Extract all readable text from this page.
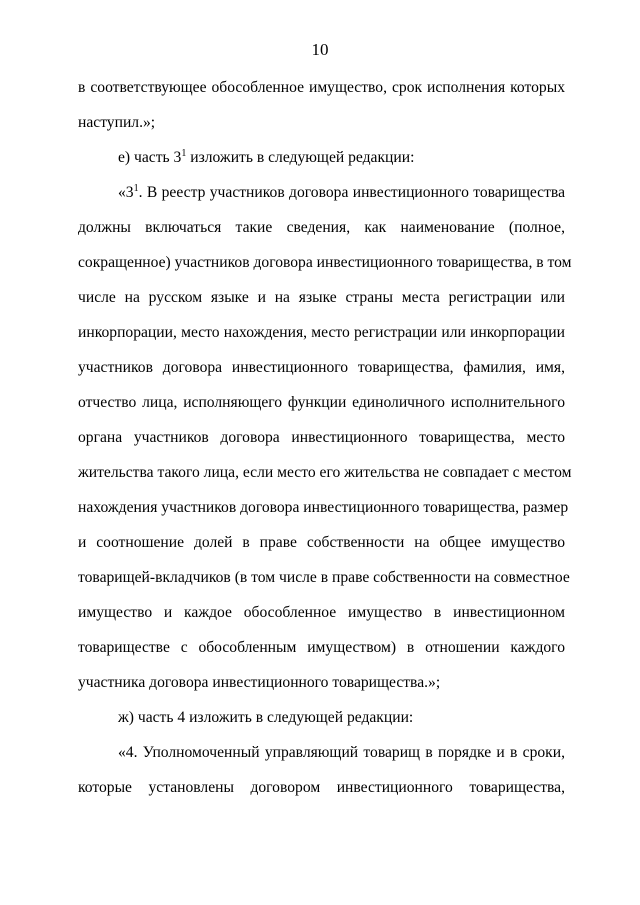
10
в соответствующее обособленное имущество, срок исполнения которых
наступил.»;
е) часть $3^1$ изложить в следующей редакции:
«$3^1$. В реестр участников договора инвестиционного товарищества
должны включаться такие сведения, как наименование (полное,
сокращенное) участников договора инвестиционного товарищества, в том
числе на русском языке и на языке страны места регистрации или
инкорпорации, место нахождения, место регистрации или инкорпорации
участников договора инвестиционного товарищества, фамилия, имя,
отчество лица, исполняющего функции единоличного исполнительного
органа участников договора инвестиционного товарищества, место
жительства такого лица, если место его жительства не совпадает с местом
нахождения участников договора инвестиционного товарищества, размер
и соотношение долей в праве собственности на общее имущество
товарищей-вкладчиков (в том числе в праве собственности на совместное
имущество и каждое обособленное имущество в инвестиционном
товариществе с обособленным имуществом) в отношении каждого
участника договора инвестиционного товарищества.»;
ж) часть 4 изложить в следующей редакции:
«4. Уполномоченный управляющий товарищ в порядке и в сроки,
которые установлены договором инвестиционного товарищества,
